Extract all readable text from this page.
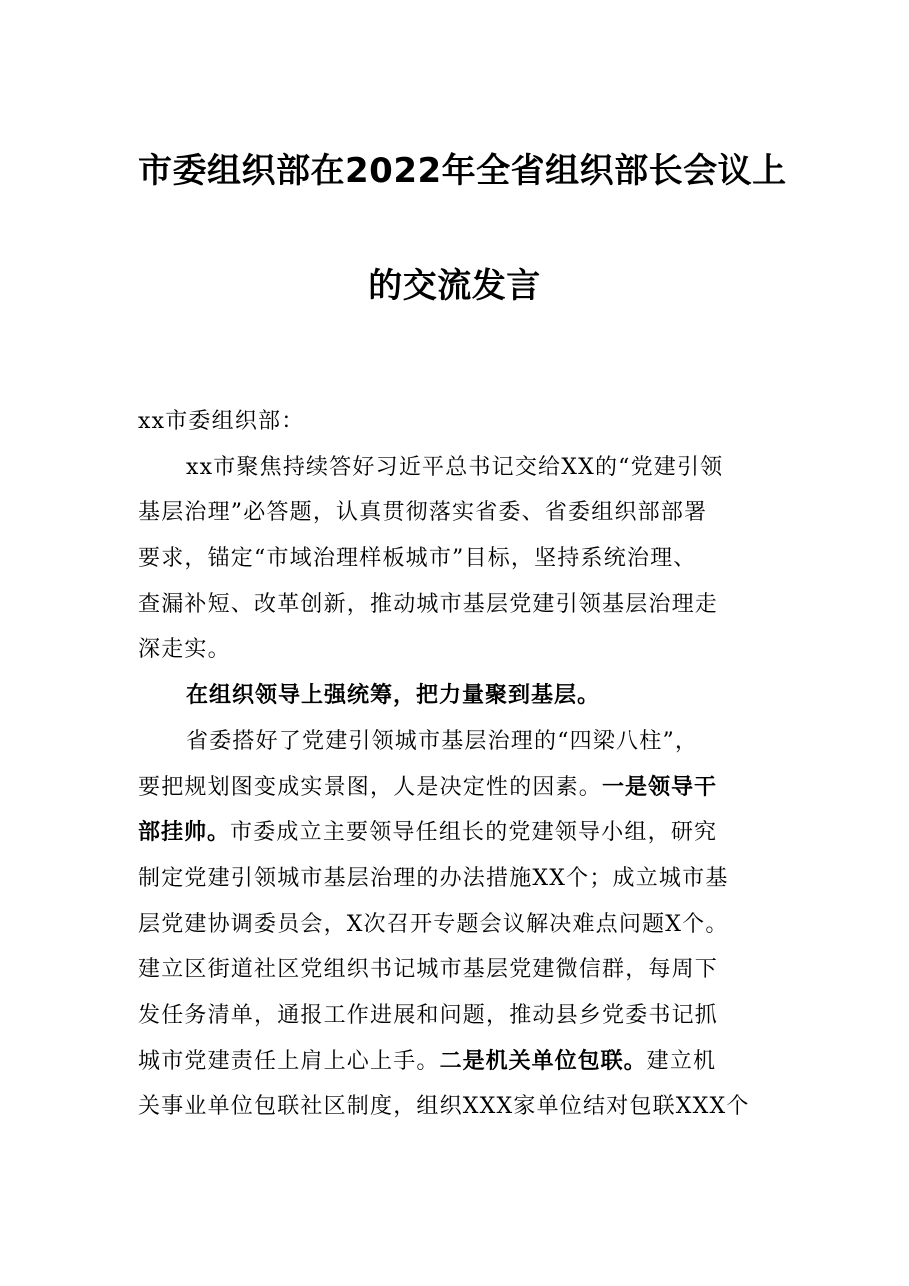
市委组织部在2022年全省组织部长会议上
的交流发言
xx市委组织部：
xx市聚焦持续答好习近平总书记交给XX的“党建引领
基层治理”必答题，认真贯彻落实省委、省委组织部部署
要求，锚定“市域治理样板城市”目标，坚持系统治理、
查漏补短、改革创新，推动城市基层党建引领基层治理走
深走实。
在组织领导上强统筹，把力量聚到基层。
省委搭好了党建引领城市基层治理的“四梁八柱”，
要把规划图变成实景图，人是决定性的因素。一是领导干
部挂帅。市委成立主要领导任组长的党建领导小组，研究
制定党建引领城市基层治理的办法措施XX个；成立城市基
层党建协调委员会，X次召开专题会议解决难点问题X个。
建立区街道社区党组织书记城市基层党建微信群，每周下
发任务清单，通报工作进展和问题，推动县乡党委书记抓
城市党建责任上肩上心上手。二是机关单位包联。建立机
关事业单位包联社区制度，组织XXX家单位结对包联XXX个
